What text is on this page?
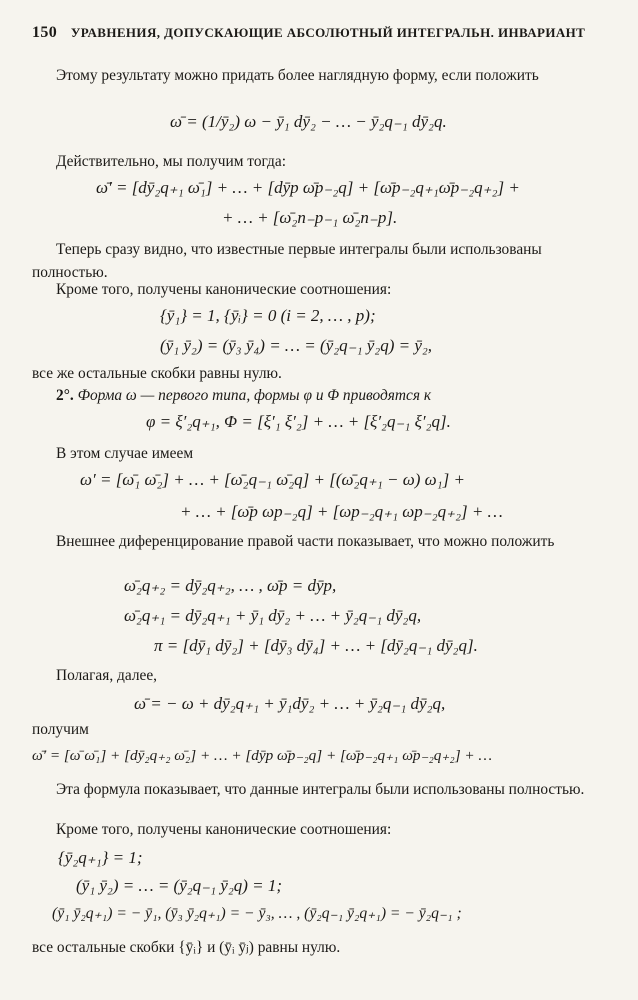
150 УРАВНЕНИЯ, ДОПУСКАЮЩИЕ АБСОЛЮТНЫЙ ИНТЕГРАЛЬН. ИНВАРИАНТ
Этому результату можно придать более наглядную форму, если положить
ω̄ = (1/ȳ₂) ω − ȳ₁ dȳ₂ − … − ȳ₂q₋₁ dȳ₂q.
Действительно, мы получим тогда:
ω̄′ = [dȳ₂q₊₁ ω̄₁] + … + [dȳp ω̄p₋₂q] + [ω̄p₋₂q₊₁ω̄p₋₂q₊₂] +
+ … + [ω̄₂n₋p₋₁ ω̄₂n₋p].
Теперь сразу видно, что известные первые интегралы были использованы полностью.
Кроме того, получены канонические соотношения:
{ȳ₁} = 1, {ȳᵢ} = 0 (i = 2, … , p);
(ȳ₁ ȳ₂) = (ȳ₃ ȳ₄) = … = (ȳ₂q₋₁ ȳ₂q) = ȳ₂,
все же остальные скобки равны нулю.
2°. Форма ω — первого типа, формы φ и Φ приводятся к
φ = ξ′₂q₊₁, Φ = [ξ′₁ ξ′₂] + … + [ξ′₂q₋₁ ξ′₂q].
В этом случае имеем
ω′ = [ω̄₁ ω̄₂] + … + [ω̄₂q₋₁ ω̄₂q] + [(ω̄₂q₊₁ − ω) ω₁] +
+ … + [ω̄p ωp₋₂q] + [ωp₋₂q₊₁ ωp₋₂q₊₂] + …
Внешнее диференцирование правой части показывает, что можно положить
ω̄₂q₊₂ = dȳ₂q₊₂, … , ω̄p = dȳp,
ω̄₂q₊₁ = dȳ₂q₊₁ + ȳ₁ dȳ₂ + … + ȳ₂q₋₁ dȳ₂q,
π = [dȳ₁ dȳ₂] + [dȳ₃ dȳ₄] + … + [dȳ₂q₋₁ dȳ₂q].
Полагая, далее,
ω̄ = − ω + dȳ₂q₊₁ + ȳ₁dȳ₂ + … + ȳ₂q₋₁ dȳ₂q,
получим
ω̄′ = [ω̄ ω̄₁] + [dȳ₂q₊₂ ω̄₂] + … + [dȳp ω̄p₋₂q] + [ω̄p₋₂q₊₁ ω̄p₋₂q₊₂] + …
Эта формула показывает, что данные интегралы были использованы полностью.
Кроме того, получены канонические соотношения:
{ȳ₂q₊₁} = 1;
(ȳ₁ ȳ₂) = … = (ȳ₂q₋₁ ȳ₂q) = 1;
(ȳ₁ ȳ₂q₊₁) = − ȳ₁, (ȳ₃ ȳ₂q₊₁) = − ȳ₃, … , (ȳ₂q₋₁ ȳ₂q₊₁) = − ȳ₂q₋₁ ;
все остальные скобки {ȳᵢ} и (ȳᵢ ȳⱼ) равны нулю.
